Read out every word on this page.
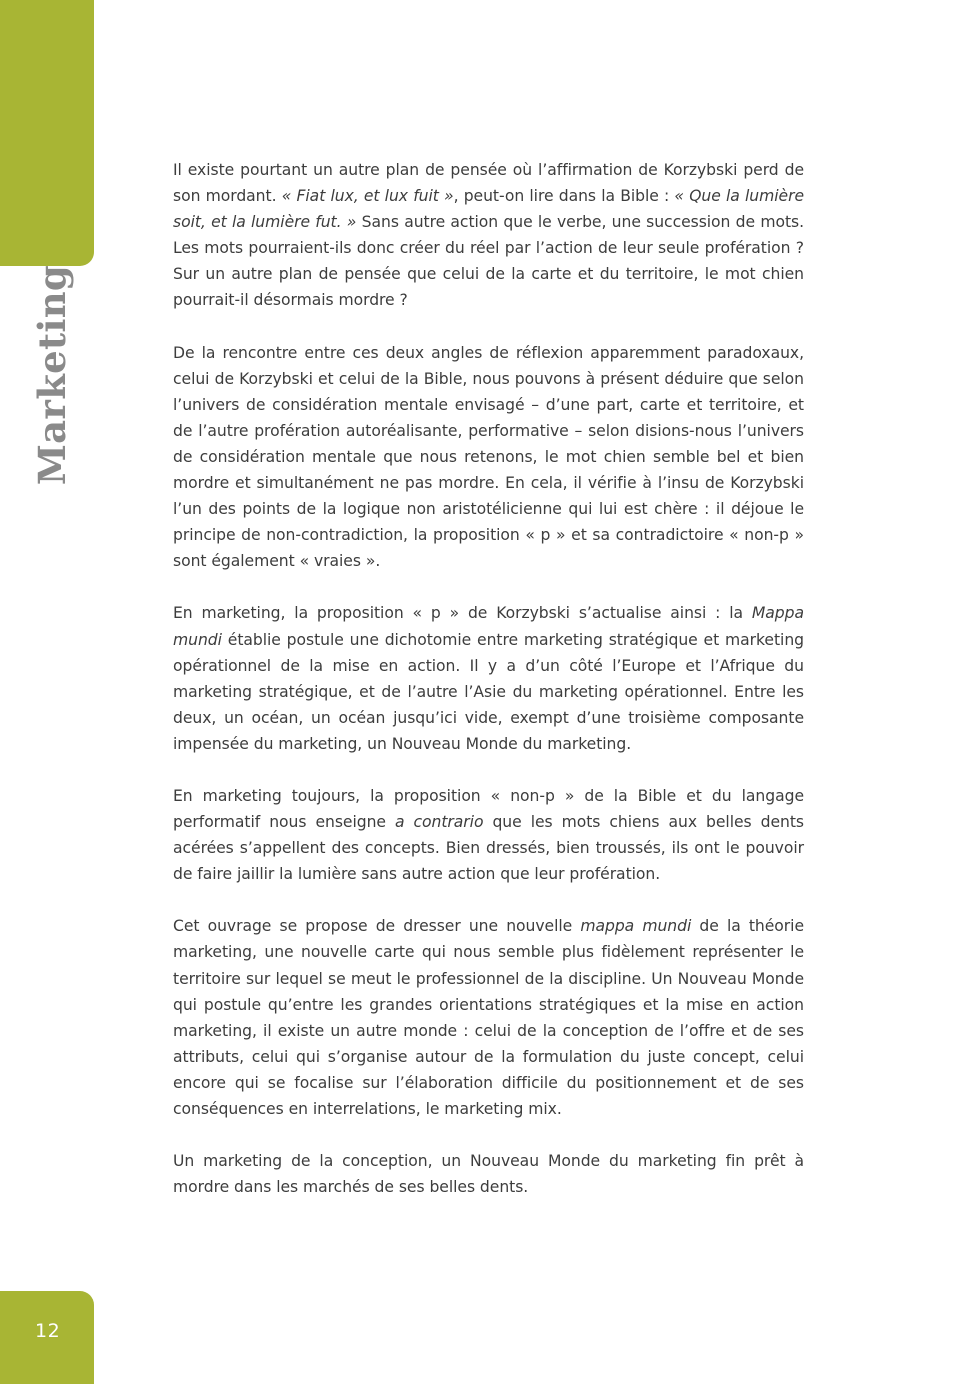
Marketing
12

Il existe pourtant un autre plan de pensée où l’affirmation de Korzybski perd de son mordant. « Fiat lux, et lux fuit », peut-on lire dans la Bible : « Que la lumière soit, et la lumière fut. » Sans autre action que le verbe, une succession de mots. Les mots pourraient-ils donc créer du réel par l’action de leur seule profération ? Sur un autre plan de pensée que celui de la carte et du territoire, le mot chien pourrait-il désormais mordre ?

De la rencontre entre ces deux angles de réflexion apparemment paradoxaux, celui de Korzybski et celui de la Bible, nous pouvons à présent déduire que selon l’univers de considération mentale envisagé – d’une part, carte et territoire, et de l’autre profération autoréalisante, performative – selon disions-nous l’univers de considération mentale que nous retenons, le mot chien semble bel et bien mordre et simultanément ne pas mordre. En cela, il vérifie à l’insu de Korzybski l’un des points de la logique non aristotélicienne qui lui est chère : il déjoue le principe de non-contradiction, la proposition « p » et sa contradictoire « non-p » sont également « vraies ».

En marketing, la proposition « p » de Korzybski s’actualise ainsi : la Mappa mundi établie postule une dichotomie entre marketing stratégique et marketing opérationnel de la mise en action. Il y a d’un côté l’Europe et l’Afrique du marketing stratégique, et de l’autre l’Asie du marketing opérationnel. Entre les deux, un océan, un océan jusqu’ici vide, exempt d’une troisième composante impensée du marketing, un Nouveau Monde du marketing.

En marketing toujours, la proposition « non-p » de la Bible et du langage performatif nous enseigne a contrario que les mots chiens aux belles dents acérées s’appellent des concepts. Bien dressés, bien troussés, ils ont le pouvoir de faire jaillir la lumière sans autre action que leur profération.

Cet ouvrage se propose de dresser une nouvelle mappa mundi de la théorie marketing, une nouvelle carte qui nous semble plus fidèlement représenter le territoire sur lequel se meut le professionnel de la discipline. Un Nouveau Monde qui postule qu’entre les grandes orientations stratégiques et la mise en action marketing, il existe un autre monde : celui de la conception de l’offre et de ses attributs, celui qui s’organise autour de la formulation du juste concept, celui encore qui se focalise sur l’élaboration difficile du positionnement et de ses conséquences en interrelations, le marketing mix.

Un marketing de la conception, un Nouveau Monde du marketing fin prêt à mordre dans les marchés de ses belles dents.
